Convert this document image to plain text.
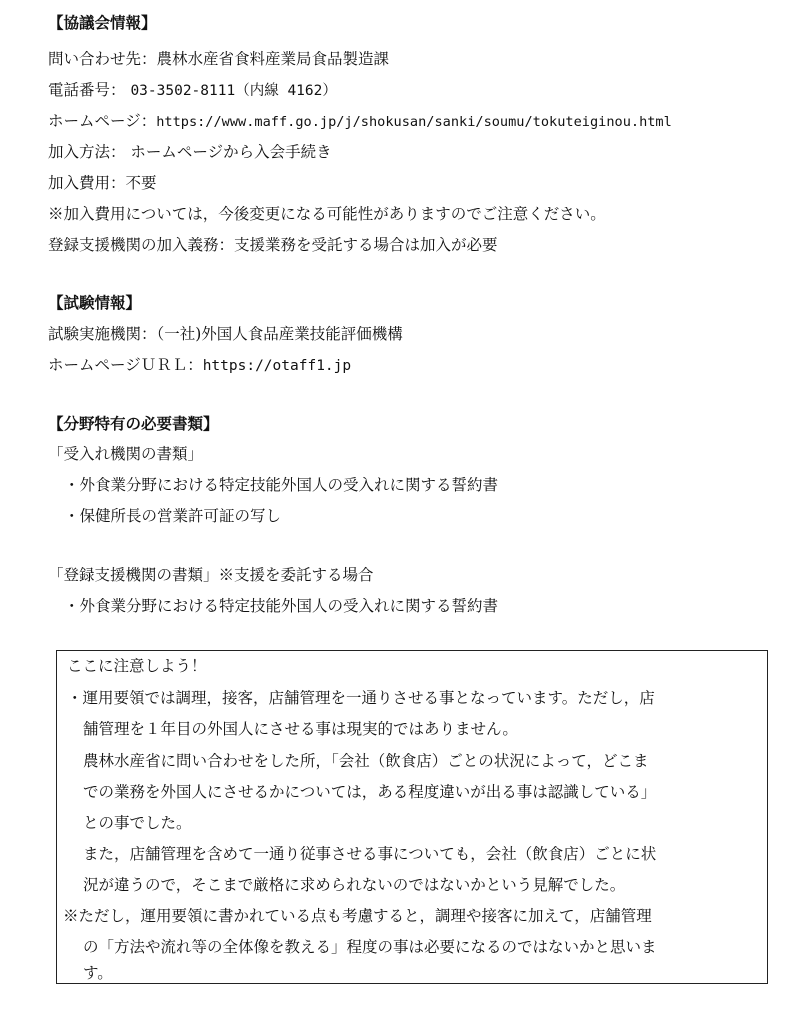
【協議会情報】
問い合わせ先：農林水産省食料産業局食品製造課
電話番号： 03-3502-8111（内線 4162）
ホームページ：https://www.maff.go.jp/j/shokusan/sanki/soumu/tokuteiginou.html
加入方法： ホームページから入会手続き
加入費用：不要
※加入費用については，今後変更になる可能性がありますのでご注意ください。
登録支援機関の加入義務：支援業務を受託する場合は加入が必要
【試験情報】
試験実施機関：（一社)外国人食品産業技能評価機構
ホームページＵＲＬ：https://otaff1.jp
【分野特有の必要書類】
「受入れ機関の書類」
・外食業分野における特定技能外国人の受入れに関する誓約書
・保健所長の営業許可証の写し
「登録支援機関の書類」※支援を委託する場合
・外食業分野における特定技能外国人の受入れに関する誓約書
ここに注意しよう！
・運用要領では調理，接客，店舗管理を一通りさせる事となっています。ただし，店
舗管理を１年目の外国人にさせる事は現実的ではありません。
農林水産省に問い合わせをした所，「会社（飲食店）ごとの状況によって，どこま
での業務を外国人にさせるかについては，ある程度違いが出る事は認識している」
との事でした。
また，店舗管理を含めて一通り従事させる事についても，会社（飲食店）ごとに状
況が違うので，そこまで厳格に求められないのではないかという見解でした。
※ただし，運用要領に書かれている点も考慮すると，調理や接客に加えて，店舗管理
の「方法や流れ等の全体像を教える」程度の事は必要になるのではないかと思いま
す。
